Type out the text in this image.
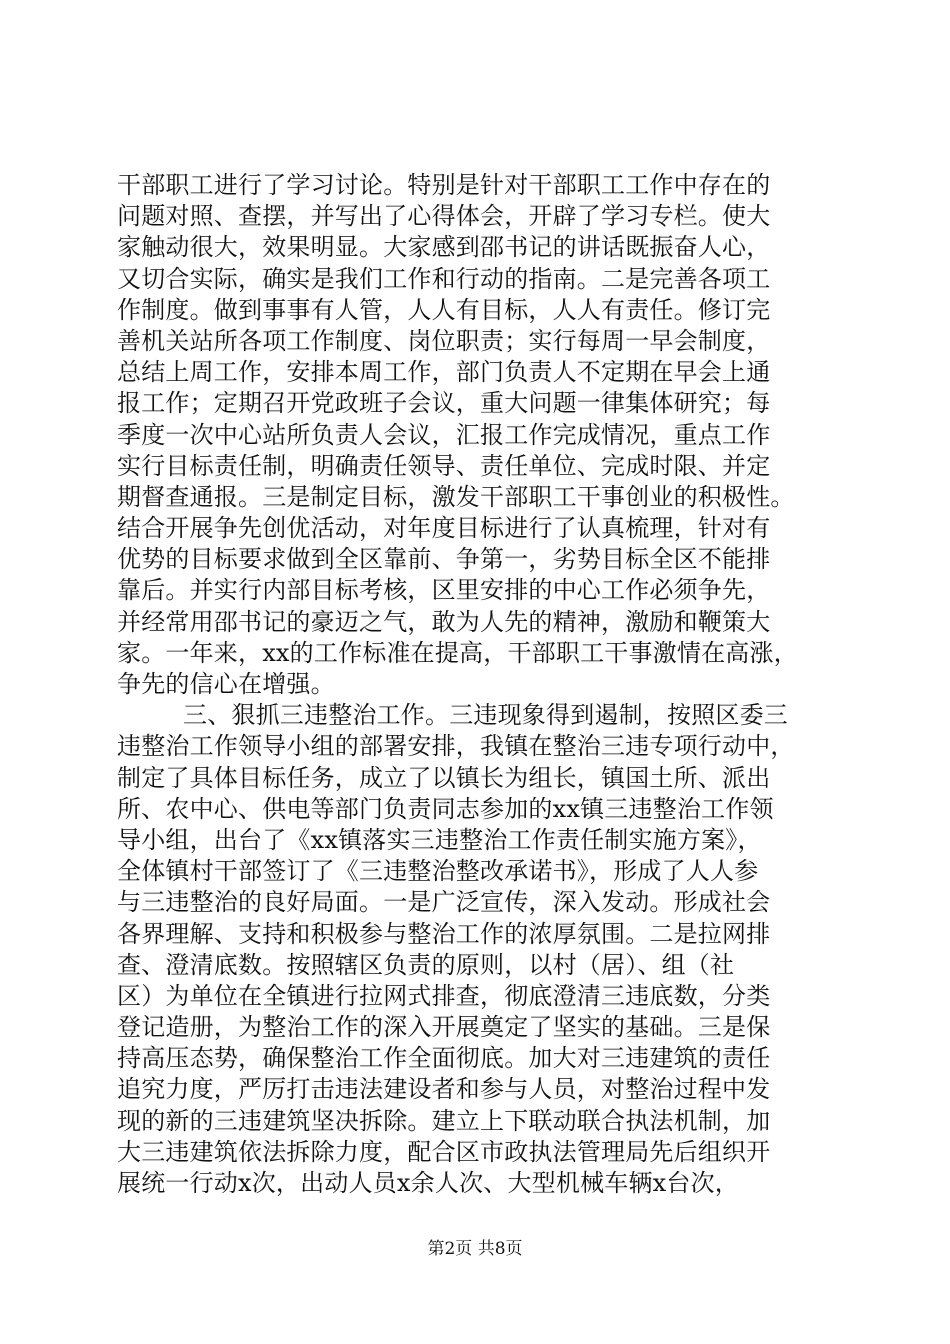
干部职工进行了学习讨论。特别是针对干部职工工作中存在的
问题对照、查摆，并写出了心得体会，开辟了学习专栏。使大
家触动很大，效果明显。大家感到邵书记的讲话既振奋人心，
又切合实际，确实是我们工作和行动的指南。二是完善各项工
作制度。做到事事有人管，人人有目标，人人有责任。修订完
善机关站所各项工作制度、岗位职责；实行每周一早会制度，
总结上周工作，安排本周工作，部门负责人不定期在早会上通
报工作；定期召开党政班子会议，重大问题一律集体研究；每
季度一次中心站所负责人会议，汇报工作完成情况，重点工作
实行目标责任制，明确责任领导、责任单位、完成时限、并定
期督查通报。三是制定目标，激发干部职工干事创业的积极性。
结合开展争先创优活动，对年度目标进行了认真梳理，针对有
优势的目标要求做到全区靠前、争第一，劣势目标全区不能排
靠后。并实行内部目标考核，区里安排的中心工作必须争先，
并经常用邵书记的豪迈之气，敢为人先的精神，激励和鞭策大
家。一年来，xx的工作标准在提高，干部职工干事激情在高涨，
争先的信心在增强。
三、狠抓三违整治工作。三违现象得到遏制，按照区委三
违整治工作领导小组的部署安排，我镇在整治三违专项行动中，
制定了具体目标任务，成立了以镇长为组长，镇国土所、派出
所、农中心、供电等部门负责同志参加的xx镇三违整治工作领
导小组，出台了《xx镇落实三违整治工作责任制实施方案》，
全体镇村干部签订了《三违整治整改承诺书》，形成了人人参
与三违整治的良好局面。一是广泛宣传，深入发动。形成社会
各界理解、支持和积极参与整治工作的浓厚氛围。二是拉网排
查、澄清底数。按照辖区负责的原则，以村（居）、组（社
区）为单位在全镇进行拉网式排查，彻底澄清三违底数，分类
登记造册，为整治工作的深入开展奠定了坚实的基础。三是保
持高压态势，确保整治工作全面彻底。加大对三违建筑的责任
追究力度，严厉打击违法建设者和参与人员，对整治过程中发
现的新的三违建筑坚决拆除。建立上下联动联合执法机制，加
大三违建筑依法拆除力度，配合区市政执法管理局先后组织开
展统一行动x次，出动人员x余人次、大型机械车辆x台次，
第2页 共8页
